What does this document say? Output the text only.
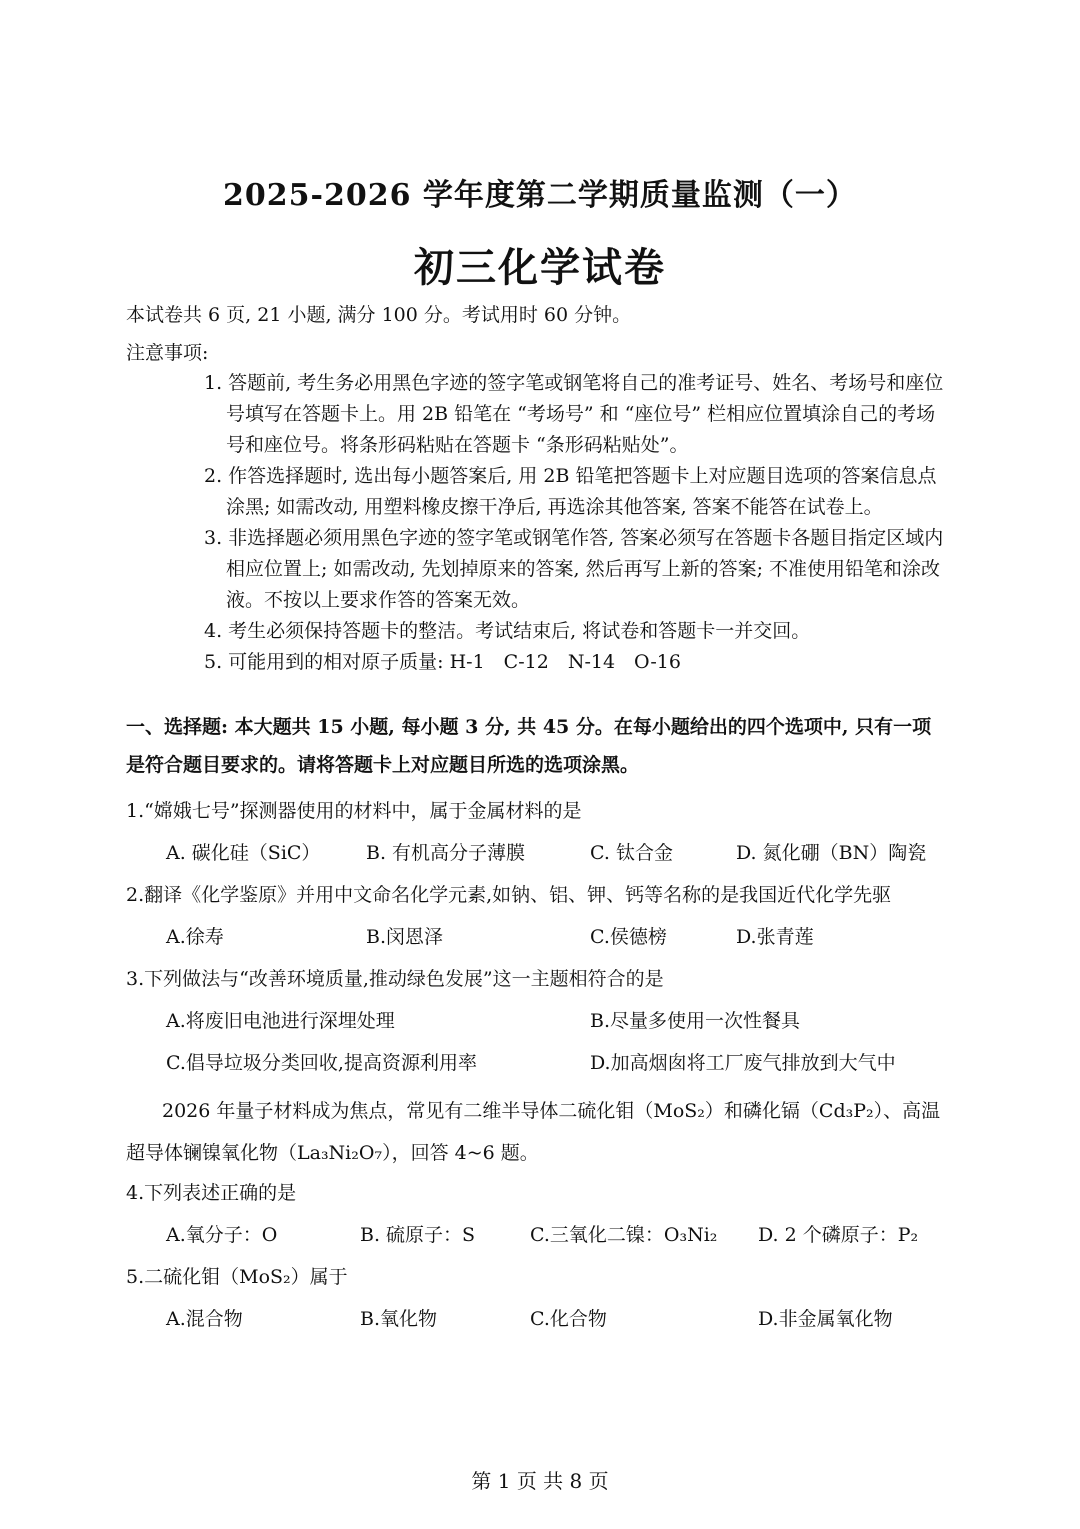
2025-2026 学年度第二学期质量监测（一）
初三化学试卷
本试卷共 6 页, 21 小题, 满分 100 分。考试用时 60 分钟。
注意事项:
1. 答题前, 考生务必用黑色字迹的签字笔或钢笔将自己的准考证号、姓名、考场号和座位号填写在答题卡上。用 2B 铅笔在 “考场号” 和 “座位号” 栏相应位置填涂自己的考场号和座位号。将条形码粘贴在答题卡 “条形码粘贴处”。
2. 作答选择题时, 选出每小题答案后, 用 2B 铅笔把答题卡上对应题目选项的答案信息点涂黑; 如需改动, 用塑料橡皮擦干净后, 再选涂其他答案, 答案不能答在试卷上。
3. 非选择题必须用黑色字迹的签字笔或钢笔作答, 答案必须写在答题卡各题目指定区域内相应位置上; 如需改动, 先划掉原来的答案, 然后再写上新的答案; 不准使用铅笔和涂改液。不按以上要求作答的答案无效。
4. 考生必须保持答题卡的整洁。考试结束后, 将试卷和答题卡一并交回。
5. 可能用到的相对原子质量: H-1　C-12　N-14　O-16
一、选择题: 本大题共 15 小题, 每小题 3 分, 共 45 分。在每小题给出的四个选项中, 只有一项是符合题目要求的。请将答题卡上对应题目所选的选项涂黑。
1.“嫦娥七号”探测器使用的材料中，属于金属材料的是
A. 碳化硅（SiC） B. 有机高分子薄膜	C. 钛合金	D. 氮化硼（BN）陶瓷
2.翻译《化学鉴原》并用中文命名化学元素,如钠、铝、钾、钙等名称的是我国近代化学先驱
A.徐寿	B.闵恩泽	C.侯德榜	D.张青莲
3.下列做法与“改善环境质量,推动绿色发展”这一主题相符合的是
A.将废旧电池进行深埋处理	B.尽量多使用一次性餐具
C.倡导垃圾分类回收,提高资源利用率	D.加高烟囱将工厂废气排放到大气中
2026 年量子材料成为焦点，常见有二维半导体二硫化钼（MoS₂）和磷化镉（Cd₃P₂）、高温超导体镧镍氧化物（La₃Ni₂O₇），回答 4~6 题。
4.下列表述正确的是
A.氧分子：O	B. 硫原子：S	C.三氧化二镍：O₃Ni₂ D. 2 个磷原子：P₂
5.二硫化钼（MoS₂）属于
A.混合物	B.氧化物	C.化合物	D.非金属氧化物
第 1 页 共 8 页
